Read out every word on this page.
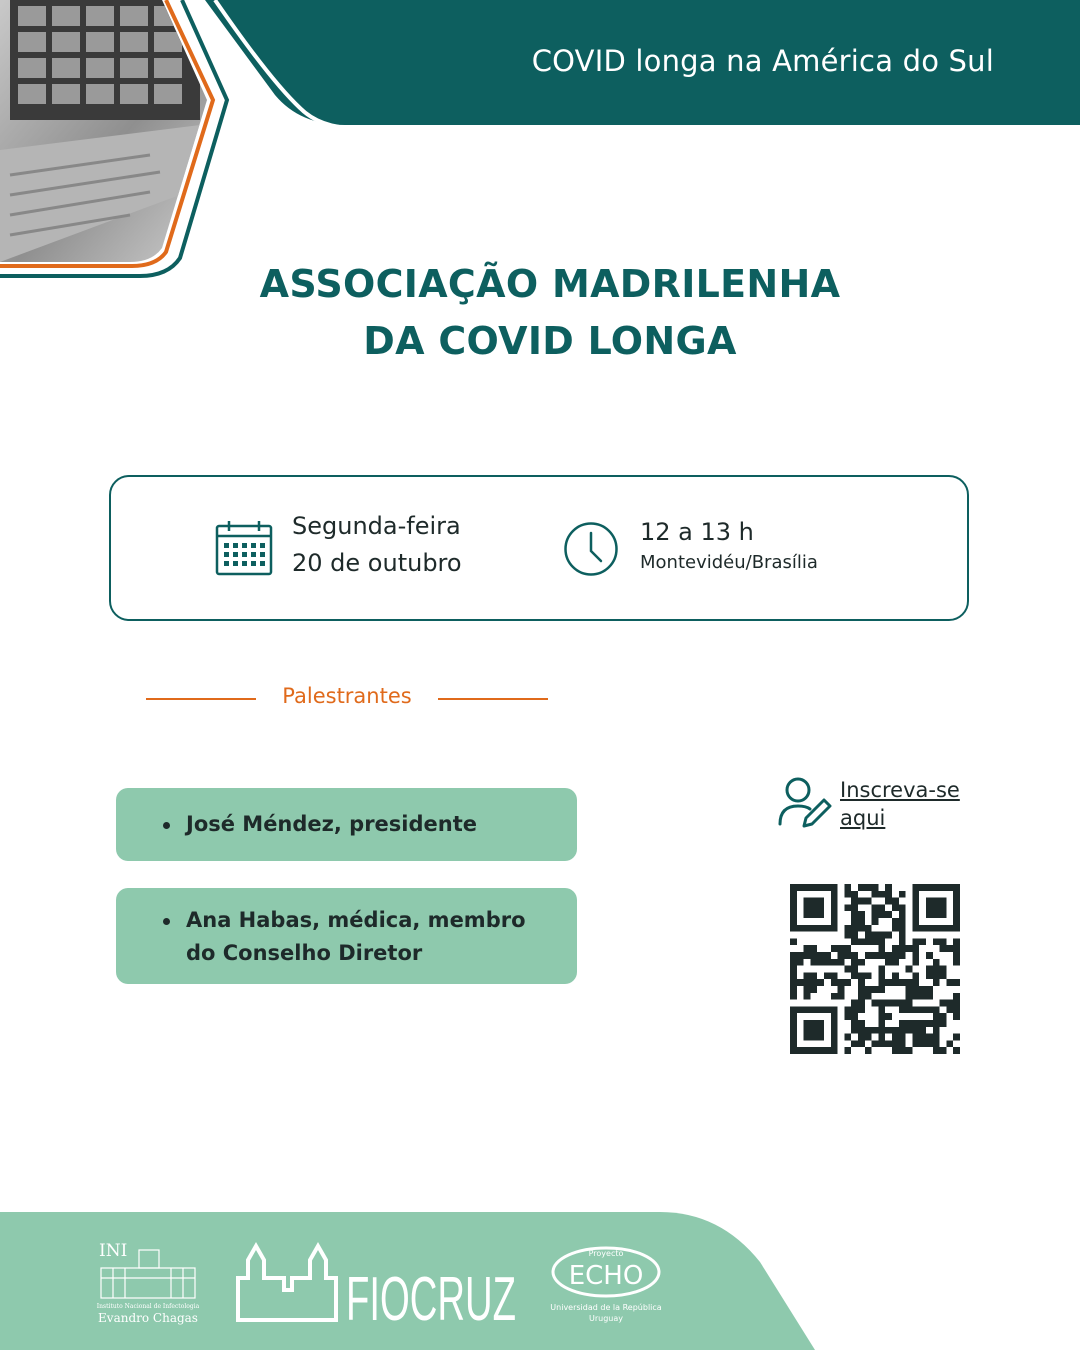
COVID longa na América do Sul
ASSOCIAÇÃO MADRILENHA
DA COVID LONGA
Segunda-feira
20 de outubro
12 a 13 h
Montevidéu/Brasília
Palestrantes
José Méndez, presidente
Ana Habas, médica, membro
do Conselho Diretor
Inscreva-se
aqui
INI
Instituto Nacional de Infectologia
Evandro Chagas FIOCRUZ
Proyecto
ECHO
Universidad de la República
Uruguay
